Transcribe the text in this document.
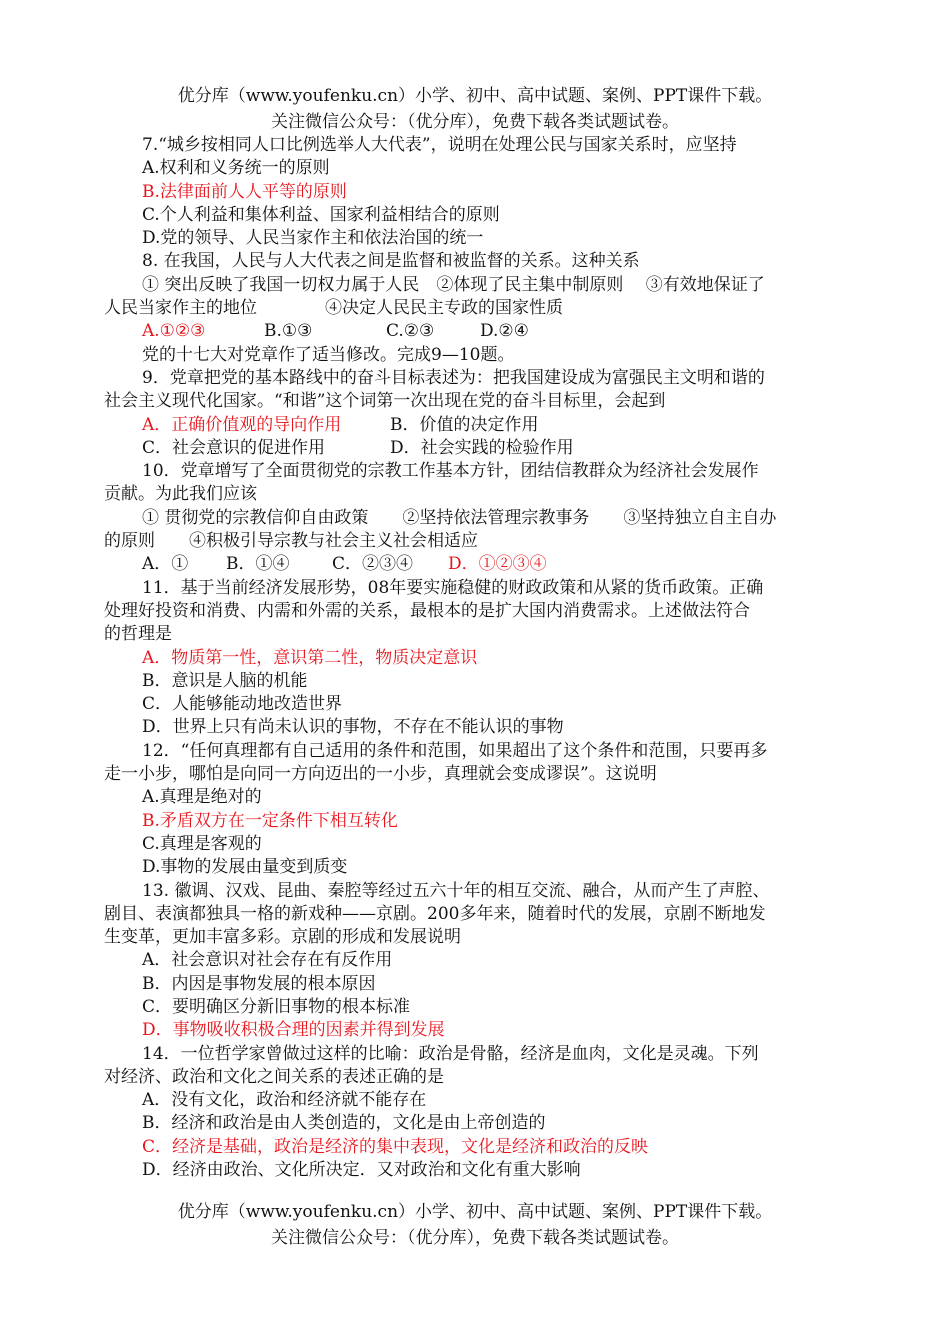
优分库（www.youfenku.cn）小学、初中、高中试题、案例、PPT课件下载。
关注微信公众号：（优分库），免费下载各类试题试卷。
7.“城乡按相同人口比例选举人大代表”，说明在处理公民与国家关系时，应坚持
A.权利和义务统一的原则
B.法律面前人人平等的原则
C.个人利益和集体利益、国家利益相结合的原则
D.党的领导、人民当家作主和依法治国的统一
8. 在我国，人民与人大代表之间是监督和被监督的关系。这种关系
① 突出反映了我国一切权力属于人民　②体现了民主集中制原则　 ③有效地保证了
人民当家作主的地位　　　　④决定人民民主专政的国家性质
A.①②③	B.①③	C.②③	D.②④
党的十七大对党章作了适当修改。完成9—10题。
9．党章把党的基本路线中的奋斗目标表述为：把我国建设成为富强民主文明和谐的
社会主义现代化国家。“和谐”这个词第一次出现在党的奋斗目标里，会起到
A．正确价值观的导向作用	B．价值的决定作用
C．社会意识的促进作用	D．社会实践的检验作用
10．党章增写了全面贯彻党的宗教工作基本方针，团结信教群众为经济社会发展作
贡献。为此我们应该
① 贯彻党的宗教信仰自由政策　　②坚持依法管理宗教事务　　③坚持独立自主自办
的原则　　④积极引导宗教与社会主义社会相适应
A．① B．①④	C．②③④ D．①②③④
11．基于当前经济发展形势，08年要实施稳健的财政政策和从紧的货币政策。正确
处理好投资和消费、内需和外需的关系，最根本的是扩大国内消费需求。上述做法符合
的哲理是
A．物质第一性，意识第二性，物质决定意识
B．意识是人脑的机能
C．人能够能动地改造世界
D．世界上只有尚未认识的事物，不存在不能认识的事物
12．“任何真理都有自己适用的条件和范围，如果超出了这个条件和范围，只要再多
走一小步，哪怕是向同一方向迈出的一小步，真理就会变成谬误”。这说明
A.真理是绝对的
B.矛盾双方在一定条件下相互转化
C.真理是客观的
D.事物的发展由量变到质变
13. 徽调、汉戏、昆曲、秦腔等经过五六十年的相互交流、融合，从而产生了声腔、
剧目、表演都独具一格的新戏种——京剧。200多年来，随着时代的发展，京剧不断地发
生变革，更加丰富多彩。京剧的形成和发展说明
A．社会意识对社会存在有反作用
B．内因是事物发展的根本原因
C．要明确区分新旧事物的根本标准
D．事物吸收积极合理的因素并得到发展
14．一位哲学家曾做过这样的比喻：政治是骨骼，经济是血肉，文化是灵魂。下列
对经济、政治和文化之间关系的表述正确的是
A．没有文化，政治和经济就不能存在
B．经济和政治是由人类创造的，文化是由上帝创造的
C．经济是基础，政治是经济的集中表现，文化是经济和政治的反映
D．经济由政治、文化所决定．又对政治和文化有重大影响
优分库（www.youfenku.cn）小学、初中、高中试题、案例、PPT课件下载。
关注微信公众号：（优分库），免费下载各类试题试卷。
